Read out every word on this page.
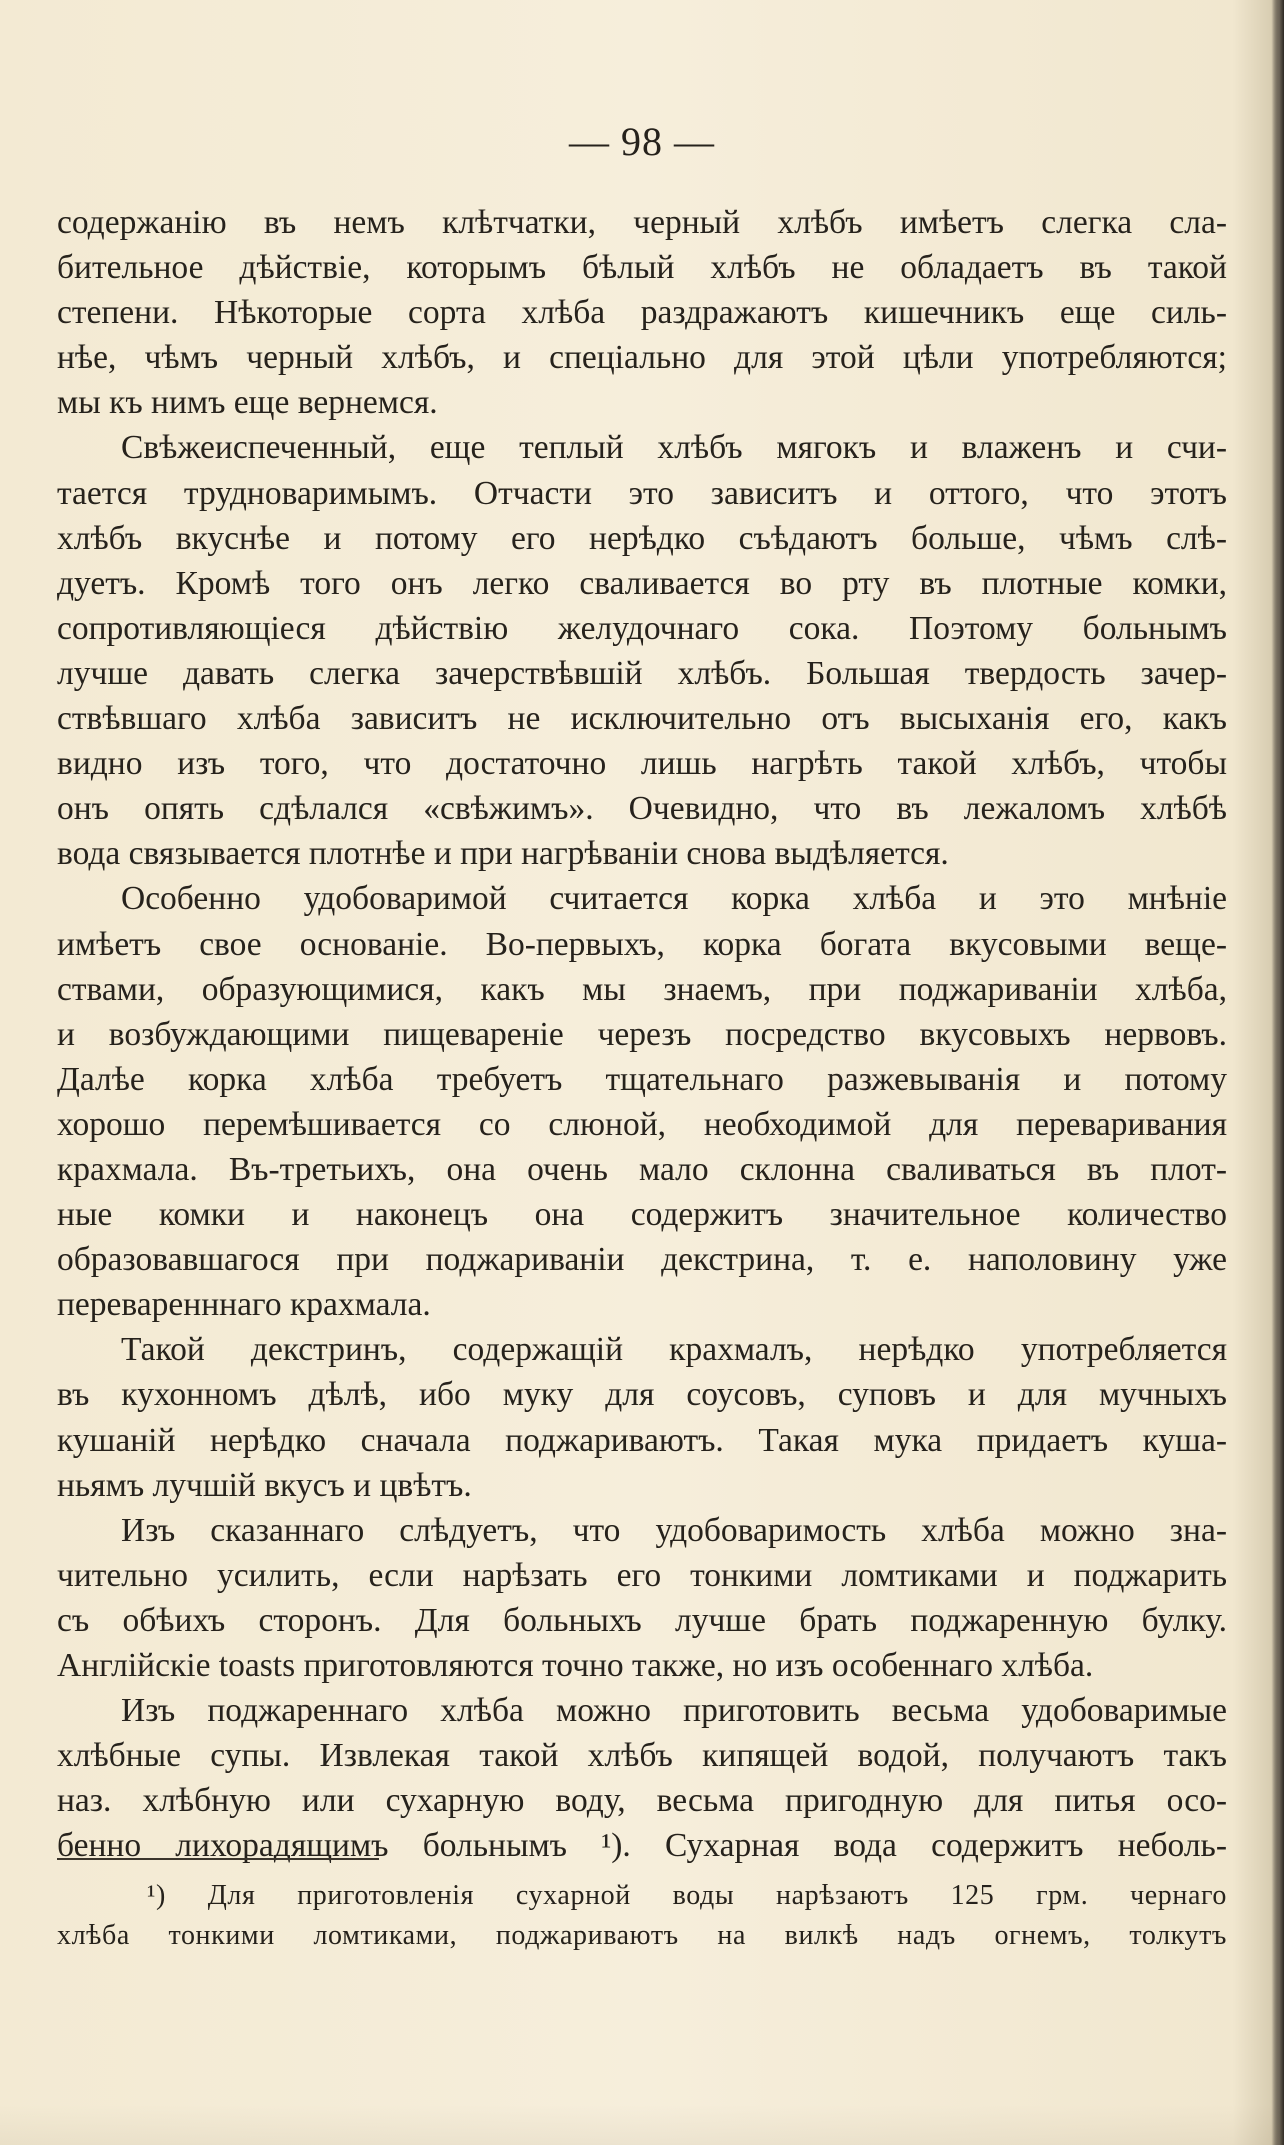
— 98 —
содержанію въ немъ клѣтчатки, черный хлѣбъ имѣетъ слегка сла-
бительное дѣйствіе, которымъ бѣлый хлѣбъ не обладаетъ въ такой
степени. Нѣкоторые сорта хлѣба раздражаютъ кишечникъ еще силь-
нѣе, чѣмъ черный хлѣбъ, и спеціально для этой цѣли употребляются;
мы къ нимъ еще вернемся.
Свѣжеиспеченный, еще теплый хлѣбъ мягокъ и влаженъ и счи-
тается трудноваримымъ. Отчасти это зависитъ и оттого, что этотъ
хлѣбъ вкуснѣе и потому его нерѣдко съѣдаютъ больше, чѣмъ слѣ-
дуетъ. Кромѣ того онъ легко сваливается во рту въ плотные комки,
сопротивляющіеся дѣйствію желудочнаго сока. Поэтому больнымъ
лучше давать слегка зачерствѣвшій хлѣбъ. Большая твердость зачер-
ствѣвшаго хлѣба зависитъ не исключительно отъ высыханія его, какъ
видно изъ того, что достаточно лишь нагрѣть такой хлѣбъ, чтобы
онъ опять сдѣлался «свѣжимъ». Очевидно, что въ лежаломъ хлѣбѣ
вода связывается плотнѣе и при нагрѣваніи снова выдѣляется.
Особенно удобоваримой считается корка хлѣба и это мнѣніе
имѣетъ свое основаніе. Во-первыхъ, корка богата вкусовыми веще-
ствами, образующимися, какъ мы знаемъ, при поджариваніи хлѣба,
и возбуждающими пищевареніе черезъ посредство вкусовыхъ нервовъ.
Далѣе корка хлѣба требуетъ тщательнаго разжевыванія и потому
хорошо перемѣшивается со слюной, необходимой для переваривания
крахмала. Въ-третьихъ, она очень мало склонна сваливаться въ плот-
ные комки и наконецъ она содержитъ значительное количество
образовавшагося при поджариваніи декстрина, т. е. наполовину уже
переваренннаго крахмала.
Такой декстринъ, содержащій крахмалъ, нерѣдко употребляется
въ кухонномъ дѣлѣ, ибо муку для соусовъ, суповъ и для мучныхъ
кушаній нерѣдко сначала поджариваютъ. Такая мука придаетъ куша-
ньямъ лучшій вкусъ и цвѣтъ.
Изъ сказаннаго слѣдуетъ, что удобоваримость хлѣба можно зна-
чительно усилить, если нарѣзать его тонкими ломтиками и поджарить
съ обѣихъ сторонъ. Для больныхъ лучше брать поджаренную булку.
Англійскіе toasts приготовляются точно также, но изъ особеннаго хлѣба.
Изъ поджареннаго хлѣба можно приготовить весьма удобоваримые
хлѣбные супы. Извлекая такой хлѣбъ кипящей водой, получаютъ такъ
наз. хлѣбную или сухарную воду, весьма пригодную для питья осо-
бенно лихорадящимъ больнымъ ¹). Сухарная вода содержитъ неболь-
¹) Для приготовленія сухарной воды нарѣзаютъ 125 грм. чернаго
хлѣба тонкими ломтиками, поджариваютъ на вилкѣ надъ огнемъ, толкутъ
